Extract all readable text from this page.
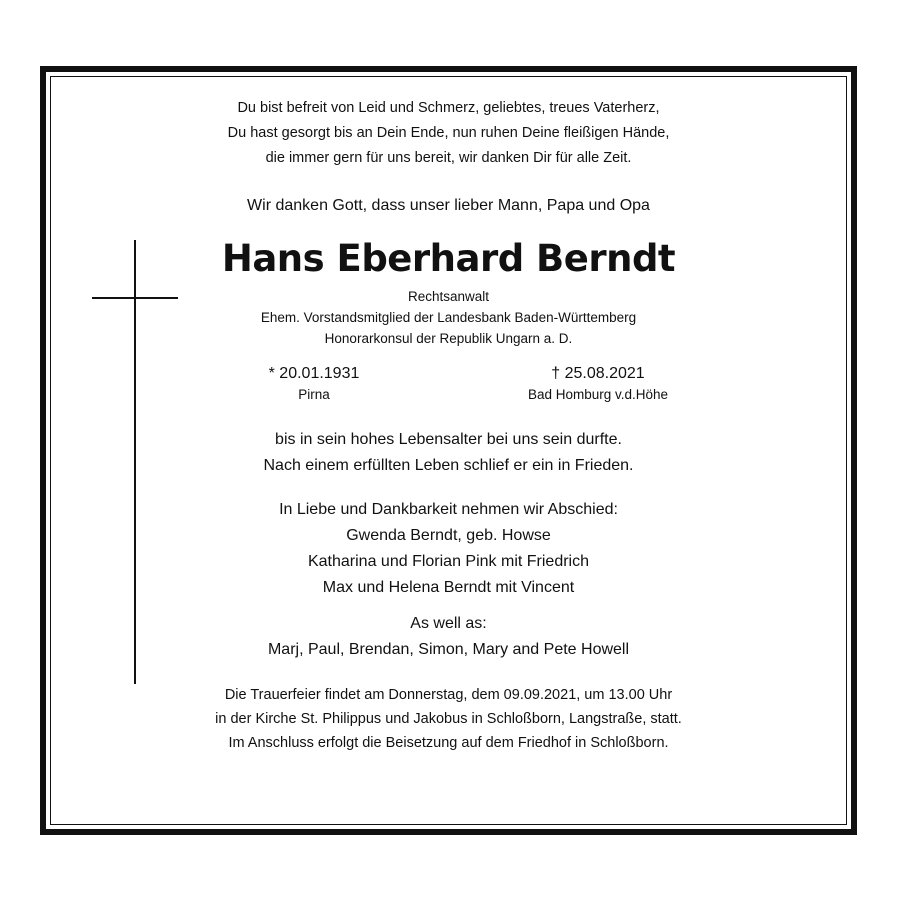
Du bist befreit von Leid und Schmerz, geliebtes, treues Vaterherz,
Du hast gesorgt bis an Dein Ende, nun ruhen Deine fleißigen Hände,
die immer gern für uns bereit, wir danken Dir für alle Zeit.
Wir danken Gott, dass unser lieber Mann, Papa und Opa
Hans Eberhard Berndt
Rechtsanwalt
Ehem. Vorstandsmitglied der Landesbank Baden-Württemberg
Honorarkonsul der Republik Ungarn a. D.
* 20.01.1931
Pirna
† 25.08.2021
Bad Homburg v.d.Höhe
bis in sein hohes Lebensalter bei uns sein durfte.
Nach einem erfüllten Leben schlief er ein in Frieden.
In Liebe und Dankbarkeit nehmen wir Abschied:
Gwenda Berndt, geb. Howse
Katharina und Florian Pink mit Friedrich
Max und Helena Berndt mit Vincent
As well as:
Marj, Paul, Brendan, Simon, Mary and Pete Howell
Die Trauerfeier findet am Donnerstag, dem 09.09.2021, um 13.00 Uhr
in der Kirche St. Philippus und Jakobus in Schloßborn, Langstraße, statt.
Im Anschluss erfolgt die Beisetzung auf dem Friedhof in Schloßborn.
